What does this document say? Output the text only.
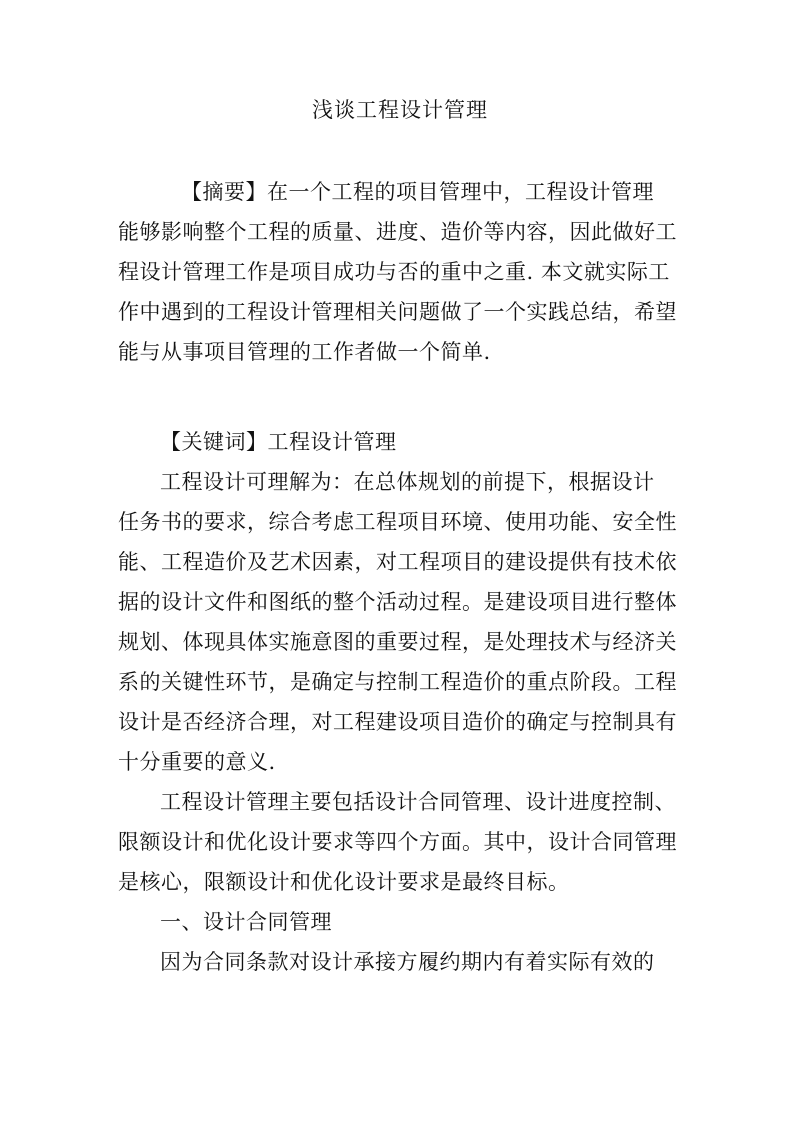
浅谈工程设计管理
【摘要】在一个工程的项目管理中，工程设计管理
能够影响整个工程的质量、进度、造价等内容，因此做好工
程设计管理工作是项目成功与否的重中之重. 本文就实际工
作中遇到的工程设计管理相关问题做了一个实践总结，希望
能与从事项目管理的工作者做一个简单.
【关键词】工程设计管理
工程设计可理解为：在总体规划的前提下，根据设计
任务书的要求，综合考虑工程项目环境、使用功能、安全性
能、工程造价及艺术因素，对工程项目的建设提供有技术依
据的设计文件和图纸的整个活动过程。是建设项目进行整体
规划、体现具体实施意图的重要过程，是处理技术与经济关
系的关键性环节，是确定与控制工程造价的重点阶段。工程
设计是否经济合理，对工程建设项目造价的确定与控制具有
十分重要的意义.
工程设计管理主要包括设计合同管理、设计进度控制、
限额设计和优化设计要求等四个方面。其中，设计合同管理
是核心，限额设计和优化设计要求是最终目标。
一、设计合同管理
因为合同条款对设计承接方履约期内有着实际有效的
